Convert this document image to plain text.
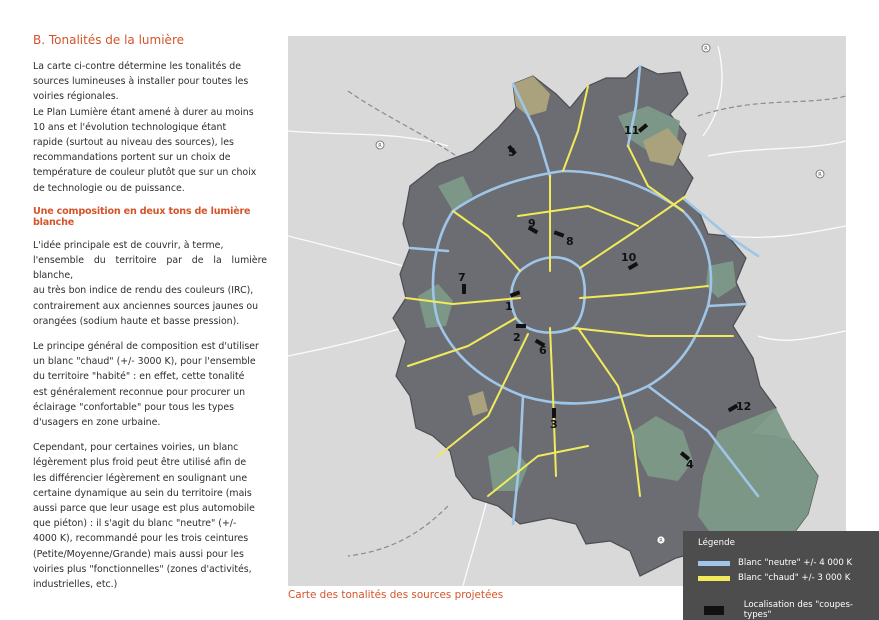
B. Tonalités de la lumière

La carte ci-contre détermine les tonalités de
sources lumineuses à installer pour toutes les
voiries régionales.
Le Plan Lumière étant amené à durer au moins
10 ans et l'évolution technologique étant
rapide (surtout au niveau des sources), les
recommandations portent sur un choix de
température de couleur plutôt que sur un choix
de technologie ou de puissance.

Une composition en deux tons de lumière blanche

L'idée principale est de couvrir, à terme,
l'ensemble du territoire par de la lumière blanche,
au très bon indice de rendu des couleurs (IRC),
contrairement aux anciennes sources jaunes ou
orangées (sodium haute et basse pression).

Le principe général de composition est d'utiliser
un blanc "chaud" (+/- 3000 K), pour l'ensemble
du territoire "habité" : en effet, cette tonalité
est généralement reconnue pour procurer un
éclairage "confortable" pour tous les types
d'usagers en zone urbaine.

Cependant, pour certaines voiries, un blanc
légèrement plus froid peut être utilisé afin de
les différencier légèrement en soulignant une
certaine dynamique au sein du territoire (mais
aussi parce que leur usage est plus automobile
que piéton) : il s'agit du blanc "neutre" (+/-
4000 K), recommandé pour les trois ceintures
(Petite/Moyenne/Grande) mais aussi pour les
voiries plus "fonctionnelles" (zones d'activités,
industrielles, etc.)

1
2
3
4
5
6
7
8
9
10
11
12
R
R
R
R
Carte des tonalités des sources projetées
Légende
Blanc "neutre" +/- 4 000 K
Blanc "chaud" +/- 3 000 K
Localisation des "coupes-types"
